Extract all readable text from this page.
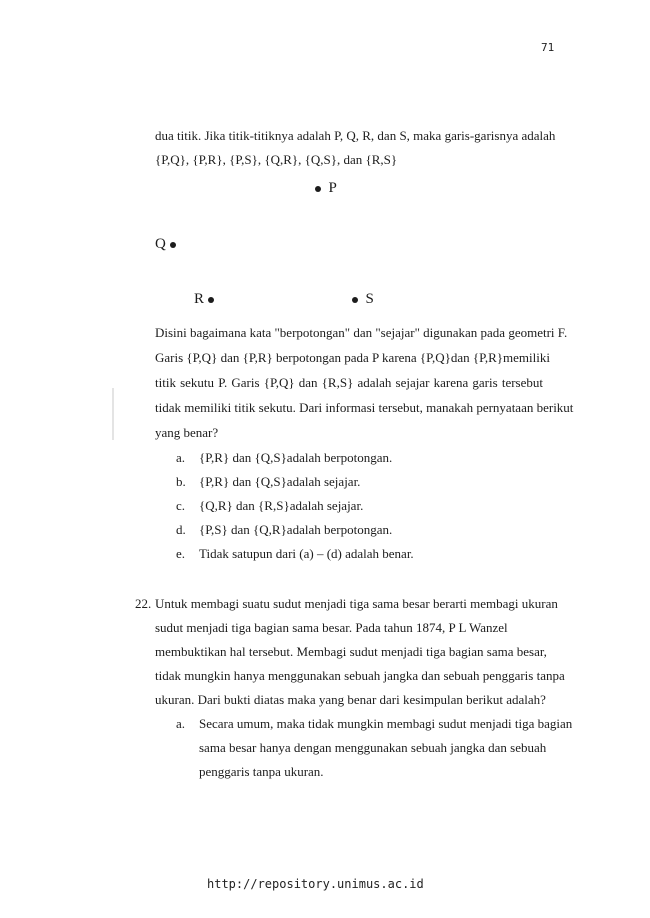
71
dua titik. Jika titik-titiknya adalah P, Q, R, dan S, maka garis-garisnya adalah
{P,Q}, {P,R}, {P,S}, {Q,R}, {Q,S}, dan {R,S}
P
Q
R	S
Disini bagaimana kata "berpotongan" dan "sejajar" digunakan pada geometri F.
Garis {P,Q} dan {P,R} berpotongan pada P karena {P,Q}dan {P,R}memiliki
titik sekutu P. Garis {P,Q} dan {R,S} adalah sejajar karena garis tersebut
tidak memiliki titik sekutu. Dari informasi tersebut, manakah pernyataan berikut
yang benar?
a. {P,R} dan {Q,S}adalah berpotongan.
b. {P,R} dan {Q,S}adalah sejajar.
c. {Q,R} dan {R,S}adalah sejajar.
d. {P,S} dan {Q,R}adalah berpotongan.
e. Tidak satupun dari (a) – (d) adalah benar.
22. Untuk membagi suatu sudut menjadi tiga sama besar berarti membagi ukuran
sudut menjadi tiga bagian sama besar. Pada tahun 1874, P L Wanzel
membuktikan hal tersebut. Membagi sudut menjadi tiga bagian sama besar,
tidak mungkin hanya menggunakan sebuah jangka dan sebuah penggaris tanpa
ukuran. Dari bukti diatas maka yang benar dari kesimpulan berikut adalah?
a. Secara umum, maka tidak mungkin membagi sudut menjadi tiga bagian
sama besar hanya dengan menggunakan sebuah jangka dan sebuah
penggaris tanpa ukuran.
http://repository.unimus.ac.id
